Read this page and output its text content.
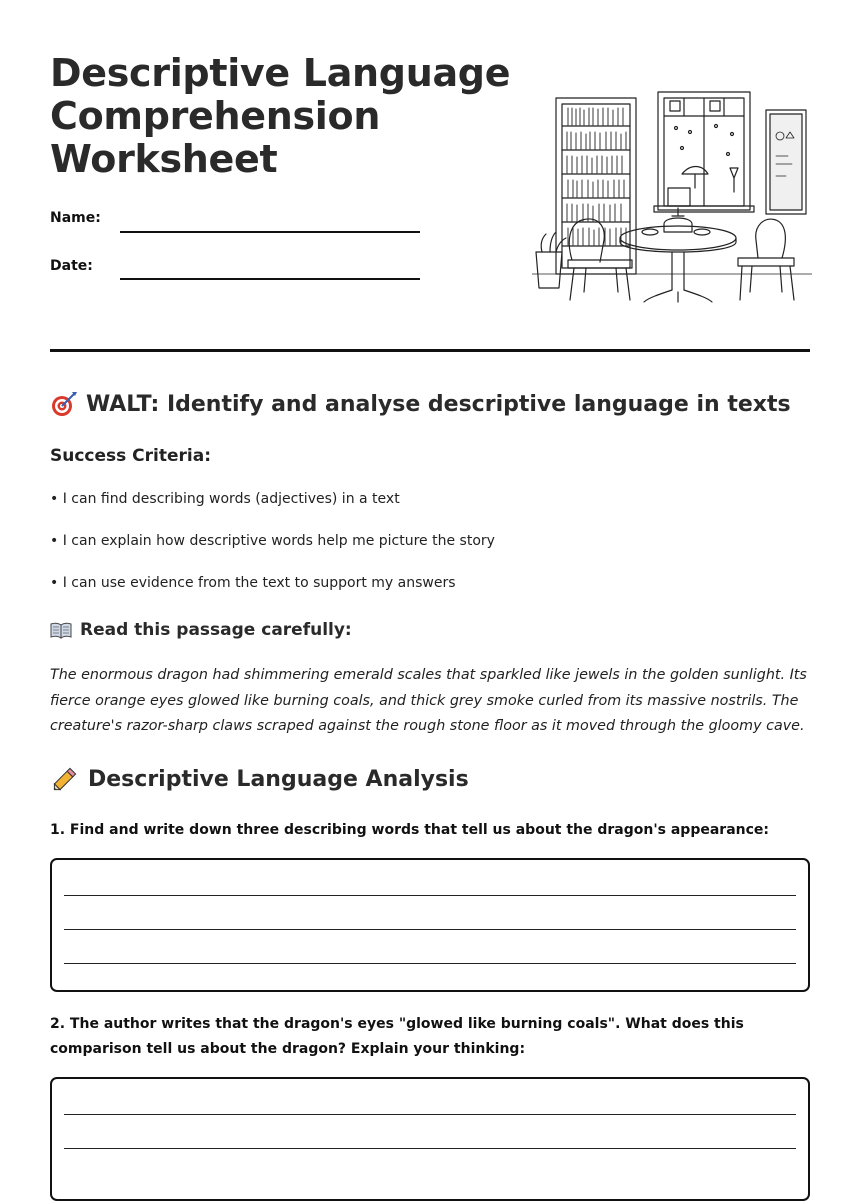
Descriptive Language Comprehension Worksheet
Name:
Date:
WALT: Identify and analyse descriptive language in texts
Success Criteria:
• I can find describing words (adjectives) in a text
• I can explain how descriptive words help me picture the story
• I can use evidence from the text to support my answers
Read this passage carefully:
The enormous dragon had shimmering emerald scales that sparkled like jewels in the golden sunlight. Its fierce orange eyes glowed like burning coals, and thick grey smoke curled from its massive nostrils. The creature's razor-sharp claws scraped against the rough stone floor as it moved through the gloomy cave.
Descriptive Language Analysis
1. Find and write down three describing words that tell us about the dragon's appearance:
2. The author writes that the dragon's eyes "glowed like burning coals". What does this comparison tell us about the dragon? Explain your thinking:
